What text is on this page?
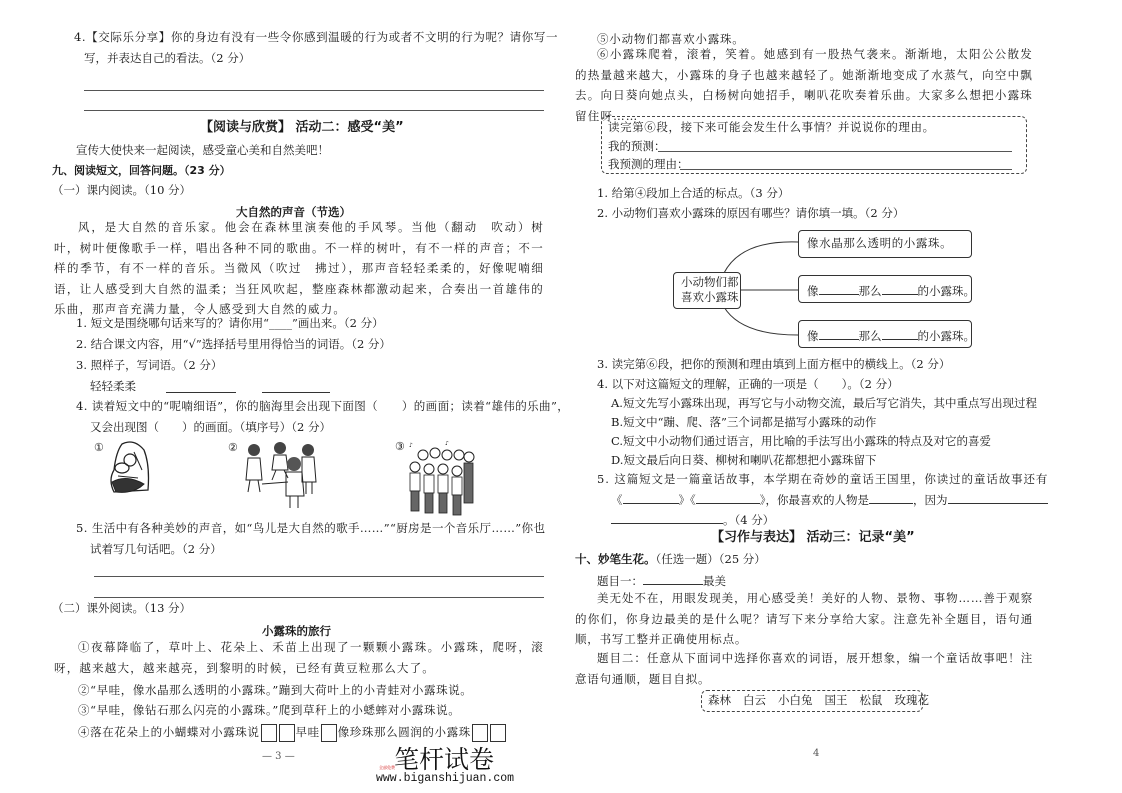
4.【交际乐分享】你的身边有没有一些令你感到温暖的行为或者不文明的行为呢？请你写一
写，并表达自己的看法。（2 分）
【阅读与欣赏】 活动二：感受“美”
宣传大使快来一起阅读，感受童心美和自然美吧！
九、阅读短文，回答问题。（23 分）
（一）课内阅读。（10 分）
大自然的声音（节选）
风，是大自然的音乐家。他会在森林里演奏他的手风琴。当他（翻动　吹动）树叶，树叶便像歌手一样，唱出各种不同的歌曲。不一样的树叶，有不一样的声音；不一样的季节，有不一样的音乐。当微风（吹过　拂过），那声音轻轻柔柔的，好像呢喃细语，让人感受到大自然的温柔；当狂风吹起，整座森林都激动起来，合奏出一首雄伟的乐曲，那声音充满力量，令人感受到大自然的威力。
1. 短文是围绕哪句话来写的？请你用“____”画出来。（2 分）
2. 结合课文内容，用“√”选择括号里用得恰当的词语。（2 分）
3. 照样子，写词语。（2 分）
轻轻柔柔
4. 读着短文中的“呢喃细语”，你的脑海里会出现下面图（　　）的画面；读着“雄伟的乐曲”，
又会出现图（　　）的画面。（填序号）（2 分）
①	②	③ ♪	♪
5. 生活中有各种美妙的声音，如“鸟儿是大自然的歌手……”“厨房是一个音乐厅……”你也
试着写几句话吧。（2 分）
（二）课外阅读。（13 分）
小露珠的旅行
①夜幕降临了，草叶上、花朵上、禾苗上出现了一颗颗小露珠。小露珠，爬呀，滚呀，越来越大，越来越亮，到黎明的时候，已经有黄豆粒那么大了。
②“早哇，像水晶那么透明的小露珠。”蹦到大荷叶上的小青蛙对小露珠说。
③“早哇，像钻石那么闪亮的小露珠。”爬到草秆上的小蟋蟀对小露珠说。
④落在花朵上的小蝴蝶对小露珠说	早哇 像珍珠那么圆润的小露珠
— 3 —	笔杆试卷
全部免费
www.biganshijuan.com
⑤小动物们都喜欢小露珠。
⑥小露珠爬着，滚着，笑着。她感到有一股热气袭来。渐渐地，太阳公公散发的热量越来越大，小露珠的身子也越来越轻了。她渐渐地变成了水蒸气，向空中飘去。向日葵向她点头，白杨树向她招手，喇叭花吹奏着乐曲。大家多么想把小露珠留住呀……
读完第⑥段，接下来可能会发生什么事情？并说说你的理由。
我的预测：
我预测的理由：
1. 给第④段加上合适的标点。（3 分）
2. 小动物们喜欢小露珠的原因有哪些？请你填一填。（2 分）
小动物们都
喜欢小露珠
像水晶那么透明的小露珠。
像	那么	的小露珠。
像	那么	的小露珠。
3. 读完第⑥段，把你的预测和理由填到上面方框中的横线上。（2 分）
4. 以下对这篇短文的理解，正确的一项是（　　）。（2 分）
A.短文先写小露珠出现，再写它与小动物交流，最后写它消失，其中重点写出现过程
B.短文中“蹦、爬、落”三个词都是描写小露珠的动作
C.短文中小动物们通过语言，用比喻的手法写出小露珠的特点及对它的喜爱
D.短文最后向日葵、柳树和喇叭花都想把小露珠留下
5. 这篇短文是一篇童话故事，本学期在奇妙的童话王国里，你读过的童话故事还有
《	》《	》，你最喜欢的人物是	，因为
。（4 分）
【习作与表达】 活动三：记录“美”
十、妙笔生花。（任选一题）（25 分）
题目一：	最美
美无处不在，用眼发现美，用心感受美！美好的人物、景物、事物……善于观察的你们，你身边最美的是什么呢？请写下来分享给大家。注意先补全题目，语句通顺，书写工整并正确使用标点。
题目二：任意从下面词中选择你喜欢的词语，展开想象，编一个童话故事吧！注意语句通顺，题目自拟。
森林 白云 小白兔 国王 松鼠 玫瑰花
4
